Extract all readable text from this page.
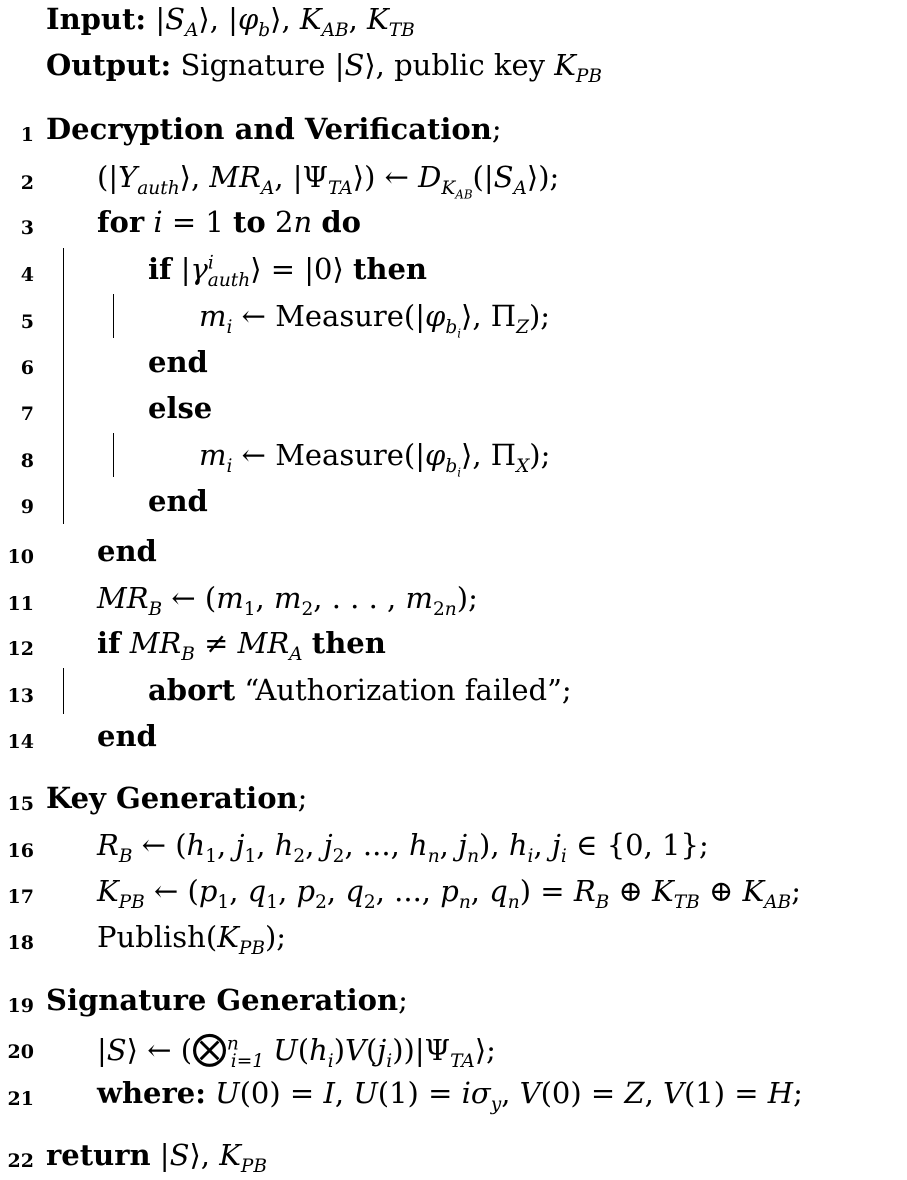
Input: $|S_A⟩$, $|\varphi_b⟩$, $K_{AB}$, $K_{TB}$
Output: Signature |S⟩, public key $K_{PB}$
1 Decryption and Verification;
2 ($|\Upsilon_{auth}⟩$, $MR_A$, $|\Psi_{TA}⟩$) ← $D_{K_{AB}}(|S_A⟩)$;
3 for i = 1 to 2n do
4	if $|\gamma^i_{auth}⟩$ = |0⟩ then
5	$m_i$ ← $Measure(|\varphi_{b_i}⟩$, $\Pi_Z$);
6	end
7	else
8	$m_i$ ← $Measure(|\varphi_{b_i}⟩$, $\Pi_X$);
9	end
10 end
11 $MR_B$ ← ($m_1$, $m_2$, . . . , $m_{2n}$);
12 if $MR_B \ne MR_A$ then
13	abort “Authorization failed”;
14 end
15 Key Generation;
16 $R_B$ ← ($h_1$, $j_1$, $h_2$, $j_2$, ..., $h_n$, $j_n$), $h_i$, $j_i$ ∈ {0, 1};
17 $K_{PB}$ ← ($p_1$, $q_1$, $p_2$, $q_2$, ..., $p_n$, $q_n) = R_B$ ⊕ $K_{TB}$ ⊕ $K_{AB}$;
18 $Publish(K_{PB})$;
19 Signature Generation;
20 |S⟩ ← (⨂$^n_{i=1}$ $U(h_i)V(j_i))|\Psi_{TA}⟩$;
21 where: U(0) = I, $U(1) = i\sigma_y$, V(0) = Z, V(1) = H;
22 return |S⟩, $K_{PB}$
